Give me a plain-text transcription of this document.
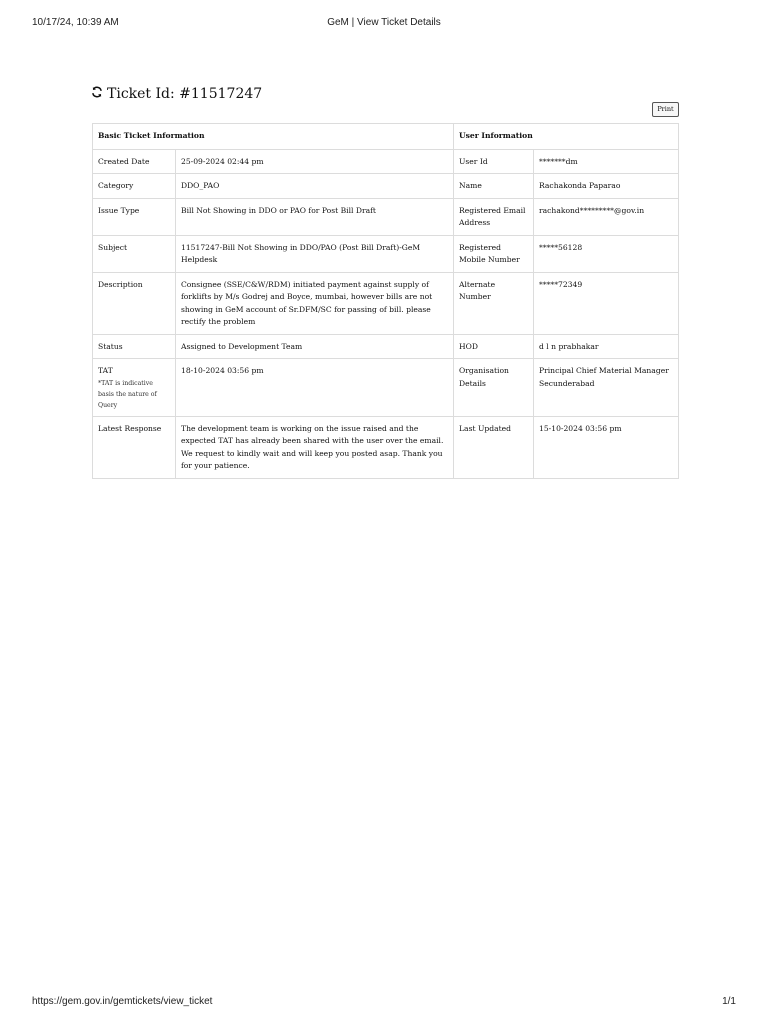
10/17/24, 10:39 AM	GeM | View Ticket Details
Ticket Id: #11517247
Print
Basic Ticket Information		User Information	
Created Date	25-09-2024 02:44 pm	User Id	*******dm
Category	DDO_PAO	Name	Rachakonda Paparao
Issue Type	Bill Not Showing in DDO or PAO for Post Bill Draft	Registered Email Address	rachakond*********@gov.in
Subject	11517247-Bill Not Showing in DDO/PAO (Post Bill Draft)-GeM Helpdesk	Registered Mobile Number	*****56128
Description	Consignee (SSE/C&W/RDM) initiated payment against supply of forklifts by M/s Godrej and Boyce, mumbai, however bills are not showing in GeM account of Sr.DFM/SC for passing of bill. please rectify the problem	Alternate Number	*****72349
Status	Assigned to Development Team	HOD	d l n prabhakar

TAT
*TAT is indicative basis the nature of Query	18-10-2024 03:56 pm	Organisation Details	Principal Chief Material Manager Secunderabad
Latest Response	The development team is working on the issue raised and the expected TAT has already been shared with the user over the email. We request to kindly wait and will keep you posted asap. Thank you for your patience.	Last Updated	15-10-2024 03:56 pm
https://gem.gov.in/gemtickets/view_ticket	1/1
